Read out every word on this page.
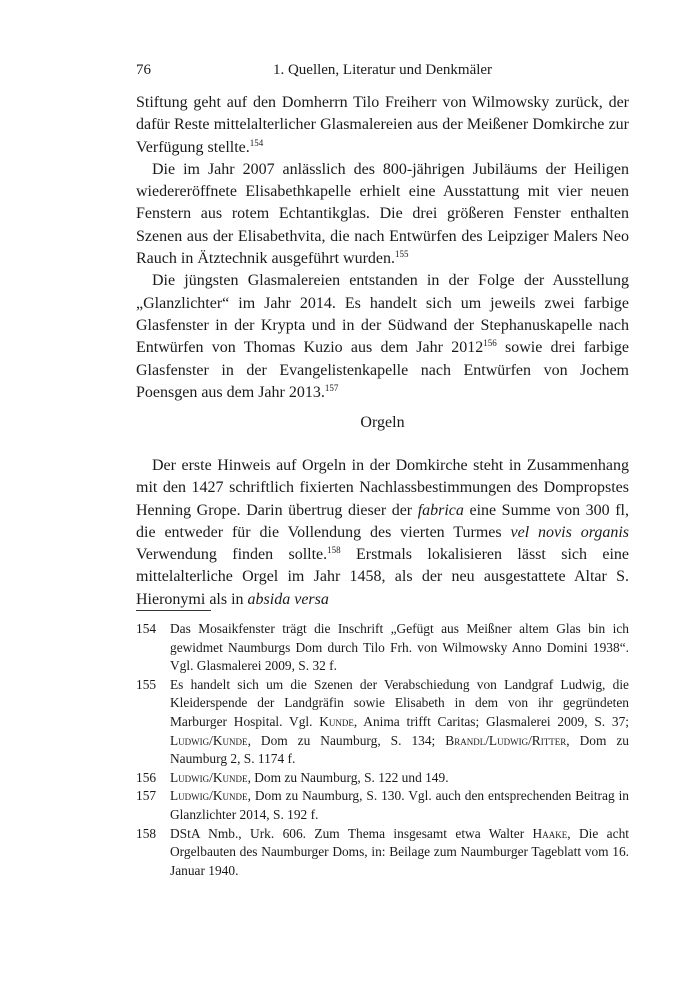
76	1. Quellen, Literatur und Denkmäler

Stiftung geht auf den Domherrn Tilo Freiherr von Wilmowsky zurück, der dafür Reste mittelalterlicher Glasmalereien aus der Meißener Domkirche zur Verfügung stellte.$^{154}$

Die im Jahr 2007 anlässlich des 800-jährigen Jubiläums der Heiligen wiedereröffnete Elisabethkapelle erhielt eine Ausstattung mit vier neuen Fenstern aus rotem Echtantikglas. Die drei größeren Fenster enthalten Szenen aus der Elisabethvita, die nach Entwürfen des Leipziger Malers Neo Rauch in Ätztechnik ausgeführt wurden.$^{155}$

Die jüngsten Glasmalereien entstanden in der Folge der Ausstellung „Glanzlichter“ im Jahr 2014. Es handelt sich um jeweils zwei farbige Glasfenster in der Krypta und in der Südwand der Stephanuskapelle nach Entwürfen von Thomas Kuzio aus dem Jahr 2012$^{156}$ sowie drei farbige Glasfenster in der Evangelistenkapelle nach Entwürfen von Jochem Poensgen aus dem Jahr 2013.$^{157}$

Orgeln

Der erste Hinweis auf Orgeln in der Domkirche steht in Zusammenhang mit den 1427 schriftlich fixierten Nachlassbestimmungen des Dompropstes Henning Grope. Darin übertrug dieser der fabrica eine Summe von 300 fl, die entweder für die Vollendung des vierten Turmes vel novis organis Verwendung finden sollte.$^{158}$ Erstmals lokalisieren lässt sich eine mittelalterliche Orgel im Jahr 1458, als der neu ausgestattete Altar S. Hieronymi als in absida versa

154 Das Mosaikfenster trägt die Inschrift „Gefügt aus Meißner altem Glas bin ich gewidmet Naumburgs Dom durch Tilo Frh. von Wilmowsky Anno Domini 1938“. Vgl. Glasmalerei 2009, S. 32 f.
155 Es handelt sich um die Szenen der Verabschiedung von Landgraf Ludwig, die Kleiderspende der Landgräfin sowie Elisabeth in dem von ihr gegründeten Marburger Hospital. Vgl. Kunde, Anima trifft Caritas; Glasmalerei 2009, S. 37; Ludwig/Kunde, Dom zu Naumburg, S. 134; Brandl/Ludwig/Ritter, Dom zu Naumburg 2, S. 1174 f.
156 Ludwig/Kunde, Dom zu Naumburg, S. 122 und 149.
157 Ludwig/Kunde, Dom zu Naumburg, S. 130. Vgl. auch den entsprechenden Beitrag in Glanzlichter 2014, S. 192 f.
158 DStA Nmb., Urk. 606. Zum Thema insgesamt etwa Walter Haake, Die acht Orgelbauten des Naumburger Doms, in: Beilage zum Naumburger Tageblatt vom 16. Januar 1940.
